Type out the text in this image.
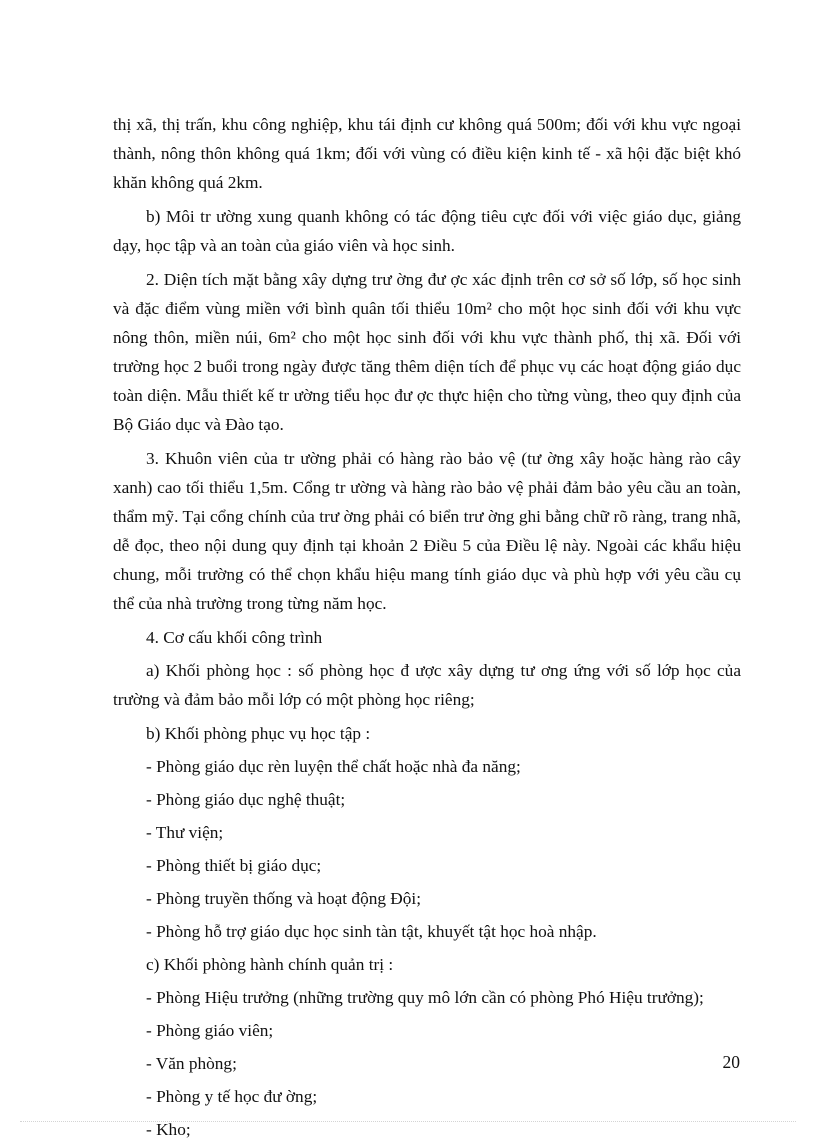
thị xã, thị trấn, khu công nghiệp, khu tái định cư không quá 500m; đối với khu vực ngoại thành, nông thôn không quá 1km; đối với vùng có điều kiện kinh tế - xã hội đặc biệt khó khăn không quá 2km.

b) Môi tr ường xung quanh không có tác động tiêu cực đối với việc giáo dục, giảng dạy, học tập và an toàn của giáo viên và học sinh.

2. Diện tích mặt bằng xây dựng trư ờng đư ợc xác định trên cơ sở số lớp, số học sinh và đặc điểm vùng miền với bình quân tối thiểu 10m² cho một học sinh đối với khu vực nông thôn, miền núi, 6m² cho một học sinh đối với khu vực thành phố, thị xã. Đối với trường học 2 buổi trong ngày được tăng thêm diện tích để phục vụ các hoạt động giáo dục toàn diện. Mẫu thiết kế tr ường tiểu học đư ợc thực hiện cho từng vùng, theo quy định của Bộ Giáo dục và Đào tạo.

3. Khuôn viên của tr ường phải có hàng rào bảo vệ (tư ờng xây hoặc hàng rào cây xanh) cao tối thiểu 1,5m. Cổng tr ường và hàng rào bảo vệ phải đảm bảo yêu cầu an toàn, thẩm mỹ. Tại cổng chính của trư ờng phải có biển trư ờng ghi bằng chữ rõ ràng, trang nhã, dễ đọc, theo nội dung quy định tại khoản 2 Điều 5 của Điều lệ này. Ngoài các khẩu hiệu chung, mỗi trường có thể chọn khẩu hiệu mang tính giáo dục và phù hợp với yêu cầu cụ thể của nhà trường trong từng năm học.

4. Cơ cấu khối công trình

a) Khối phòng học : số phòng học đ ược xây dựng tư ơng ứng với số lớp học của trường và đảm bảo mỗi lớp có một phòng học riêng;

b) Khối phòng phục vụ học tập :

- Phòng giáo dục rèn luyện thể chất hoặc nhà đa năng;

- Phòng giáo dục nghệ thuật;

- Thư viện;

- Phòng thiết bị giáo dục;

- Phòng truyền thống và hoạt động Đội;

- Phòng hỗ trợ giáo dục học sinh tàn tật, khuyết tật học hoà nhập.

c) Khối phòng hành chính quản trị :

- Phòng Hiệu trưởng (những trường quy mô lớn cần có phòng Phó Hiệu trưởng);

- Phòng giáo viên;

- Văn phòng;

- Phòng y tế học đư ờng;

- Kho;

20
